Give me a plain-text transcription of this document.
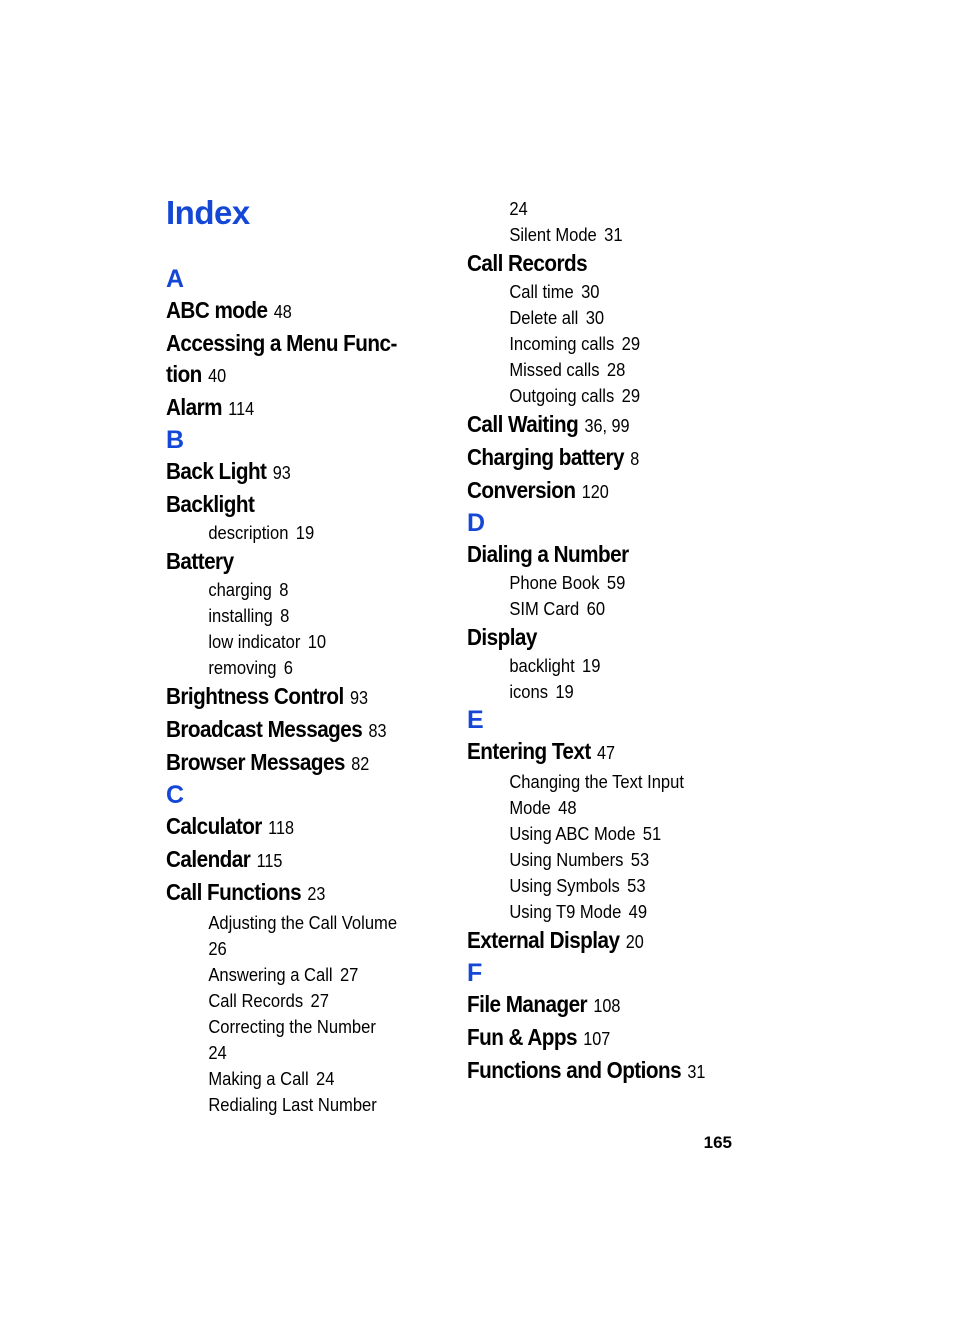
Index
A
ABC mode 48
Accessing a Menu Func-
tion 40
Alarm 114
B
Back Light 93
Backlight
description 19
Battery
charging 8
installing 8
low indicator 10
removing 6
Brightness Control 93
Broadcast Messages 83
Browser Messages 82
C
Calculator 118
Calendar 115
Call Functions 23
Adjusting the Call Volume
26
Answering a Call 27
Call Records 27
Correcting the Number
24
Making a Call 24
Redialing Last Number
24
Silent Mode 31
Call Records
Call time 30
Delete all 30
Incoming calls 29
Missed calls 28
Outgoing calls 29
Call Waiting 36, 99
Charging battery 8
Conversion 120
D
Dialing a Number
Phone Book 59
SIM Card 60
Display
backlight 19
icons 19
E
Entering Text 47
Changing the Text Input
Mode 48
Using ABC Mode 51
Using Numbers 53
Using Symbols 53
Using T9 Mode 49
External Display 20
F
File Manager 108
Fun & Apps 107
Functions and Options 31
165
